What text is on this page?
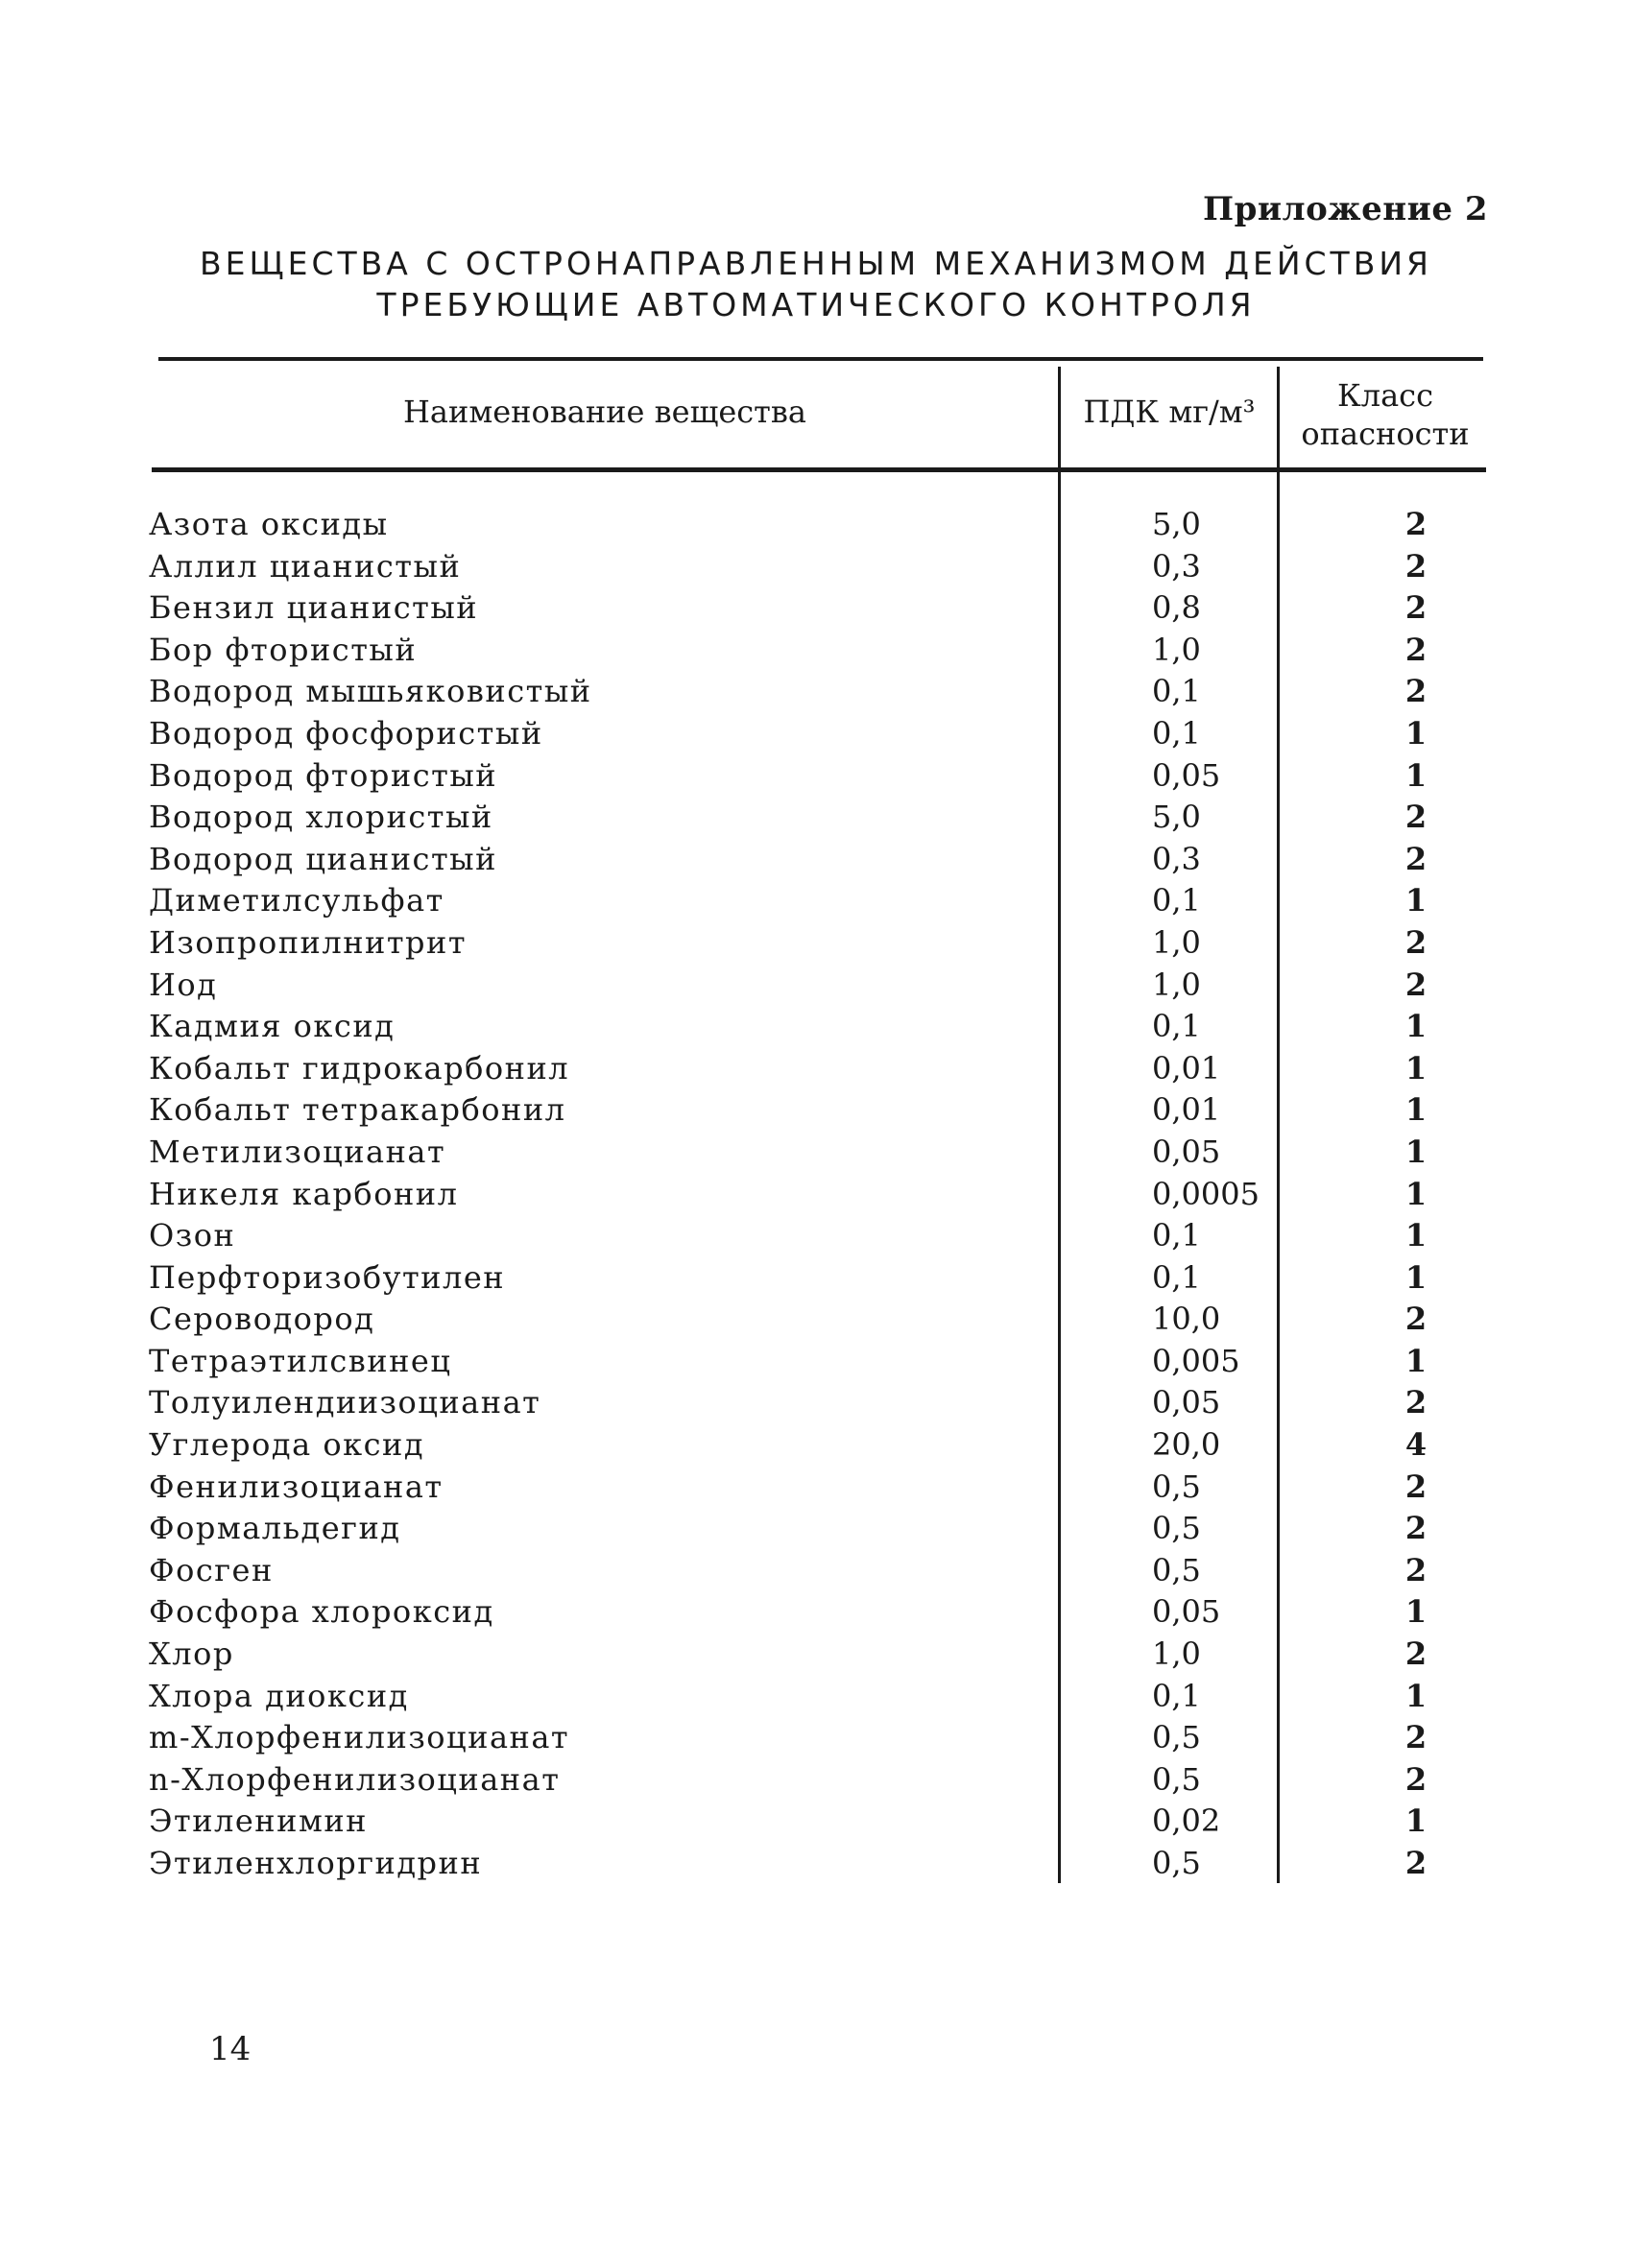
Приложение 2
ВЕЩЕСТВА С ОСТРОНАПРАВЛЕННЫМ МЕХАНИЗМОМ ДЕЙСТВИЯ
ТРЕБУЮЩИЕ АВТОМАТИЧЕСКОГО КОНТРОЛЯ
Наименование вещества	ПДК мг/м³	Класс
опасности
Азота оксиды	5,0	2
Аллил цианистый	0,3	2
Бензил цианистый	0,8	2
Бор фтористый	1,0	2
Водород мышьяковистый	0,1	2
Водород фосфористый	0,1	1
Водород фтористый	0,05	1
Водород хлористый	5,0	2
Водород цианистый	0,3	2
Диметилсульфат	0,1	1
Изопропилнитрит	1,0	2
Иод	1,0	2
Кадмия оксид	0,1	1
Кобальт гидрокарбонил	0,01	1
Кобальт тетракарбонил	0,01	1
Метилизоцианат	0,05	1
Никеля карбонил	0,0005	1
Озон	0,1	1
Перфторизобутилен	0,1	1
Сероводород	10,0	2
Тетраэтилсвинец	0,005	1
Толуилендиизоцианат	0,05	2
Углерода оксид	20,0	4
Фенилизоцианат	0,5	2
Формальдегид	0,5	2
Фосген	0,5	2
Фосфора хлороксид	0,05	1
Хлор	1,0	2
Хлора диоксид	0,1	1
m-Хлорфенилизоцианат	0,5	2
n-Хлорфенилизоцианат	0,5	2
Этиленимин	0,02	1
Этиленхлоргидрин	0,5	2
14
